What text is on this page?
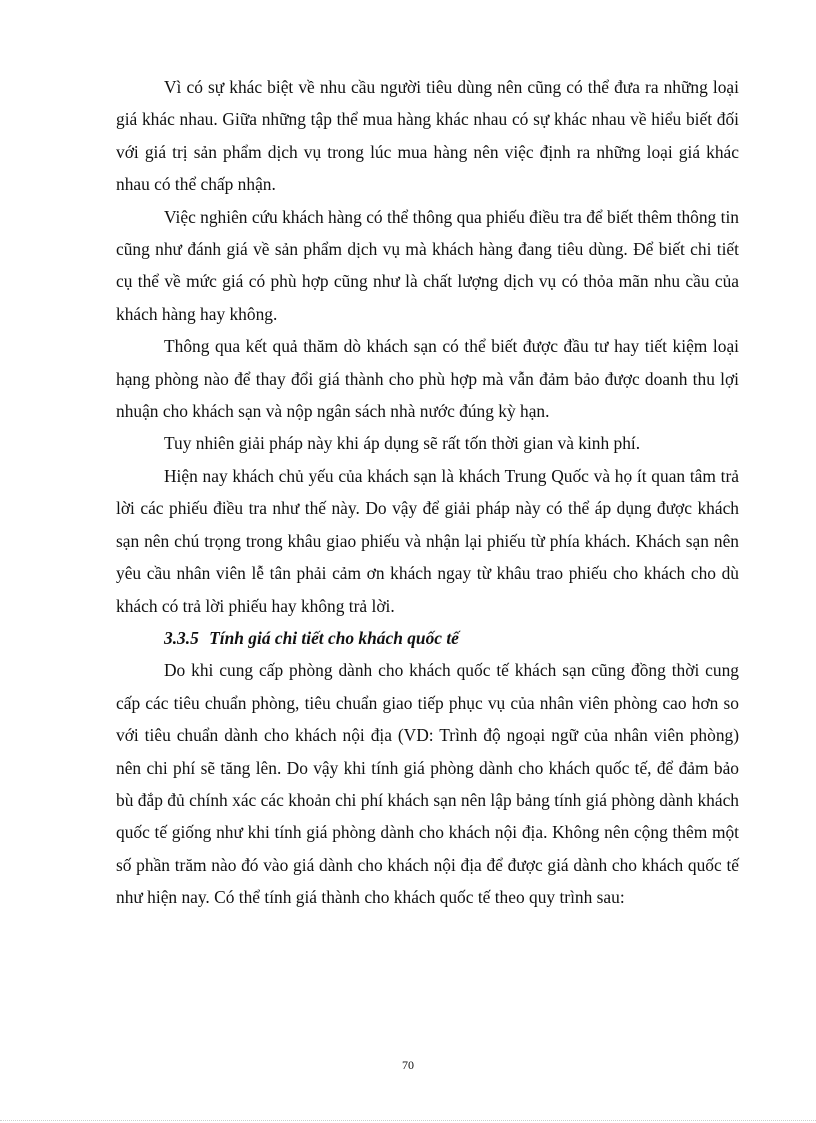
Vì có sự khác biệt về nhu cầu người tiêu dùng nên cũng có thể đưa ra những loại giá khác nhau. Giữa những tập thể mua hàng khác nhau có sự khác nhau về hiểu biết đối với giá trị sản phẩm dịch vụ trong lúc mua hàng nên việc định ra những loại giá khác nhau có thể chấp nhận.

Việc nghiên cứu khách hàng có thể thông qua phiếu điều tra để biết thêm thông tin cũng như đánh giá về sản phẩm dịch vụ mà khách hàng đang tiêu dùng. Để biết chi tiết cụ thể về mức giá có phù hợp cũng như là chất lượng dịch vụ có thỏa mãn nhu cầu của khách hàng hay không.

Thông qua kết quả thăm dò khách sạn có thể biết được đầu tư hay tiết kiệm loại hạng phòng nào để thay đổi giá thành cho phù hợp mà vẫn đảm bảo được doanh thu lợi nhuận cho khách sạn và nộp ngân sách nhà nước đúng kỳ hạn.

Tuy nhiên giải pháp này khi áp dụng sẽ rất tốn thời gian và kinh phí.

Hiện nay khách chủ yếu của khách sạn là khách Trung Quốc và họ ít quan tâm trả lời các phiếu điều tra như thế này. Do vậy để giải pháp này có thể áp dụng được khách sạn nên chú trọng trong khâu giao phiếu và nhận lại phiếu từ phía khách. Khách sạn nên yêu cầu nhân viên lễ tân phải cảm ơn khách ngay từ khâu trao phiếu cho khách cho dù khách có trả lời phiếu hay không trả lời.

3.3.5 Tính giá chi tiết cho khách quốc tế

Do khi cung cấp phòng dành cho khách quốc tế khách sạn cũng đồng thời cung cấp các tiêu chuẩn phòng, tiêu chuẩn giao tiếp phục vụ của nhân viên phòng cao hơn so với tiêu chuẩn dành cho khách nội địa (VD: Trình độ ngoại ngữ của nhân viên phòng) nên chi phí sẽ tăng lên. Do vậy khi tính giá phòng dành cho khách quốc tế, để đảm bảo bù đắp đủ chính xác các khoản chi phí khách sạn nên lập bảng tính giá phòng dành khách quốc tế giống như khi tính giá phòng dành cho khách nội địa. Không nên cộng thêm một số phần trăm nào đó vào giá dành cho khách nội địa để được giá dành cho khách quốc tế như hiện nay. Có thể tính giá thành cho khách quốc tế theo quy trình sau:

70
